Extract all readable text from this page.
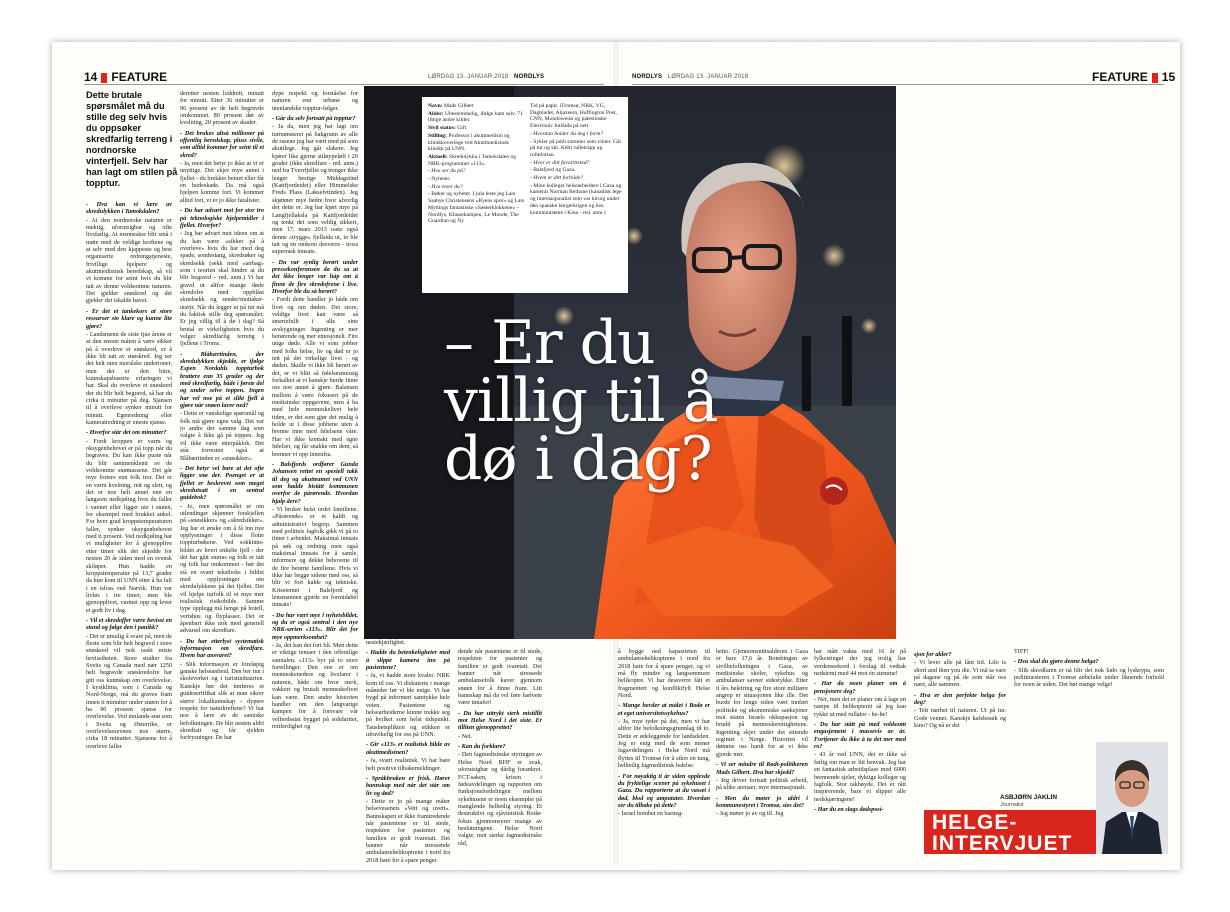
14 FEATURE	LØRDAG 13. JANUAR 2018 NORDLYS
Dette brutale spørsmålet må du stille deg selv hvis du oppsøker skredfarlig terreng i nordnorske vinterfjell. Selv har han lagt om stilen på topptur.

- Hva kan vi lære av skredulykken i Tamokdalen?

- At den nordnorske naturen er mektig, uforutsigbar og ofte livsfarlig. At mennesker blir små i møte med de veldige kreftene og at selv med den kjappeste og best organiserte redningstjeneste, frivillige hjelpere og akuttmedisinsk beredskap, så vil vi komme for seint hvis du blir tatt av denne voldsomme naturen. Det gjelder snøskred og det gjelder det iskalde havet.

- Er det et tankekors at store ressurser sto klare og kunne lite gjøre?

- Landsmenn de siste tjue årene er at den eneste måten å være sikker på å overleve et snøskred, er å ikke bli tatt av snøskred. Jeg ser det helt uten moralske undertoner, men det er den bitre, kunnskapsbaserte erfaringen vi har. Skal du overleve et snøskred der du blir helt begravd, så har du cirka ti minutter på deg. Sjansen til å overleve synker minutt for minutt. Egenredning eller kameratredning er eneste sjanse.

- Hvorfor står det om minutter?

- Fordi kroppen er varm og oksygenbehovet er på topp når du begraves. Du kan ikke puste når du blir sammenklemt av de voldsomme snømassene. Det går mye fortere enn folk tror. Det er en varm kvelning, rett og slett, og det er noe helt annet enn en langsom nedkjøling hvis du faller i vannet eller ligger ute i snøen, for eksempel med brukket ankel. For hver grad kroppstemperaturen faller, synker oksygenbehovet med ti prosent. Ved nedkjøling har vi muligheter for å gjenopplive etter timer slik det skjedde for nesten 20 år siden med en svensk skiløper. Hun hadde en kroppstemperatur på 13,7 grader da hun kom til UNN etter å ha falt i en isfoss ved Narvik. Hun var livløs i tre timer, men ble gjenopplivet, varmet opp og lever et godt liv i dag.

- Vil et skredoffer være bevisst en stund og følge den i panikk?

- Det er umulig å svare på, men de fleste som blir helt begravd i store snøskred vil nok raskt miste bevisstheten. Store studier fra Sveits og Canada med nær 1250 helt begravde snøskredofre har gitt oss kunnskap om overlevelse. I kystklima, som i Canada og Nord-Norge, må du graves fram innen ti minutter under snøen for å ha 90 prosent sjanse for overlevelse. Ved innlands-snø som i Sveits og Østerrike, er overlevelsesevnen noe større, cirka 18 minutter. Sjansene for å overleve faller

deretter nesten loddrett, minutt for minutt. Etter 36 minutter er 96 prosent av de helt begravde omkommet. 80 prosent dør av kvelning, 20 prosent av skader.

- Det brukes altså millioner på offentlig beredskap, pluss sivile, som alltid kommer for seint til et skred?

- Ja, men det betyr jo ikke at vi er unyttige. Det skjer mye annet i fjellet - du brekker beinet eller får en hodeskade. Da må også hjelpen komme fort. Vi kommer alltid fort, vi er jo ikke fatalister.

- Du har advart mot for stor tro på teknologiske hjelpemidler i fjellet. Hvorfor?

- Jeg har advart mot ideen om at du kan være «sikker på å overleve» hvis du har med deg spade, sondestang, skredsøker og skredsekk (sekk med «airbag» som i teorien skal hindre at du blir begravd - red. anm.) Vi har gravd ut altfor mange døde skredofre med oppblåst skredsekk og sender/mottaker-utstyr. Når du legger ut på tur må du faktisk stille deg spørsmålet: Er jeg villig til å dø i dag? Så brutal er virkeligheten hvis du velger skredfarlig terreng i fjellene i Troms.

- Blåbærtinden, der skredulykken skjedde, er ifølge Espen Nordahls toppturbok brattere enn 35 grader og der med skredfarlig, både i første del og under selve toppen. Ingen har vel noe på et slikt fjell å gjøre når snøen laver ned?

- Dette er vanskelige spørsmål og folk må gjøre egne valg. Det var jo andre der samme dag som valgte å ikke gå på toppen. Jeg vil ikke være etterpåklok. Det står forresten også at Blåbærtinden er «snøsikker».

- Det betyr vel bare at det ofte ligger snø der. Poenget er at fjellet er beskrevet som meget skredutsatt i en sentral guidebok?

- Jo, men spørsmålet er om utlendinger skjønner forskjellen på «snøsikker» og «skredsikker». Jeg har et ønske om å få inn nye opplysninger i disse flotte toppturbøkene. Ved sokkinns-bildet av hvert enkelte fjell - der det har gått snøras og folk er tatt og folk har omkommet - bør det stå en svært tekstboks i bildet med opplysninger om skredulykkene på det fjellet. Det vil hjelpe turfolk til et mye mer realistisk risikobilde. Samme type opplegg må henge på hotell, vertshus og flyplasser. Det er åpenbart ikke nok med generell advarsel om skredfare.

- Du har etterlyst systematisk informasjon om skredfare. Hvem har ansvaret?

- Slik informasjon er foreløpig ganske helseanbeid. Den ber inn i skoleverket og i turistindustrien. Kanskje bør det innføres et guidesertifikat slik at man sikrer større lokalkunnskap - dypere respekt for naturkreftene? Vi har noe å lære av de samiske befolkningen. De blir nesten aldri skredtatt og får sjelden forfrysninger. De har

dype respekt og forståelse for naturen enn urbane og utenlandske topptur-følger.

- Går du selv fortsatt på topptur?

- Ja da, men jeg har lagt om turmønsteret på bakgrunn av alle de rasene jeg har vært med på som akuttlege. Jeg går slakere. Jeg kjører like gjerne stiløypeløft i 20 grader (ikke skredfare - red. anm.) ned fra Tverrfjellet og trenger ikke lenger bestige Middagstind (Kattfjordeidet) eller Himmelske Freds Plass (Lakselvtinden). Jeg skjønner mye bedre hvor alvorlig det dette er. Jeg har kjørt mye på Langfjellaksla på Kattfjordeidet og tenkt det som veldig sikkert, men 17. mars 2013 raste også denne «trygge» fjellsida ut, to ble tatt og en omkom desverre - tross superrask innsats.

- Du var synlig berørt under pressekonferansen da du sa at det ikke lenger var håp om å finne de fire skredofrene i live. Hvorfor ble du så berørt?

- Fordi dette handler jo både om livet og om døden. Det store, veldige livet kan være så smertefullt i alle sine avskygninger. Ingenting er mer berørende og mer emosjonelt. Fire unge døde. Alle vi som jobber med folks helse, liv og død er jo tett på det virkelige livet - og døden. Skulle vi ikke bli berørt av det, er vi blitt så følelsesmessig forkalket at vi kanskje burde finne oss noe annet å gjøre. Balansen mellom å være fokusert på de medisinske oppgavene, men å ha med hele menneskelivet hele tiden, er det som gjør det mulig å holde ut i disse jobbene uten å brenne inne med følelsene våre. Har vi ikke kontakt med egne følelser, og får snakke om dem, så brenner vi opp innenfra.

- Balsfjords ordfører Gunda Johansen rettet en spesiell takk til deg og akutteamet ved UNN som hadde bistått kommunen overfor de pårørende. Hvordan hjalp dere?

- Vi bruker helst ordet familiene. «Pårørende» er et kaldt og administrativt begrep. Sammen med politiets fagfolk gikk vi på to timer i arbeidet. Maksimal innsats på søk og redning men også maksimal innsats for å samle, informere og dekke behovene til de fire berørte familiene. Hvis vi ikke har begge sidene med oss, så blir vi fort kalde og tekniske. Krisetemet i Balsfjord og lensmannen gjorde en formidabel innsats!

- Du har vært mye i nyhetsbildet, og du er også sentral i den nye NRK-serien «113». Blir det for mye oppmerksomhet?

- Ja, det kan det fort bli. Men dette er viktige temaer i den offentlige samtalen. «113» byr på to store fortellinger. Den ene er om menneskenedere og livsfarer i naturen, både om hvor sterk, vakkert og brutalt menneskelivet kan være. Den andre historien handler om den langvarige kampen for å forsvare vår velferdsstat bygget på solidaritet, rettferdighet og

NORDLYS LØRDAG 13. JANUAR 2018	FEATURE 15
– Er du villig til å dø i dag?
Navn: Mads Gilbert
Alder: Ubestemmelig, ifølge ham selv. 71 ifølge andre kilder.
Sivil status: Gift
Stilling: Professor i akuttmedisin og klinikkoverlege ved Akuttmedisinsk klinikk på UNN.
Aktuell: Skredulykka i Tamokdalen og NRK-programmet «113».
- Hva ser du på?
- Nyheter.
- Hva leser du?
- Bøker og nyheter. I jula leste jeg Lars Saabye Christensens «Byens spor» og Lars Myttings fantastiske «Søsterklokkene» – Nordlys, Klassekampen, Le Monde, The Guardian og Ny
Tid på papir. iTromsø, NRK, VG, Dagbladet, Aljazeera, Huffington Post, CNN, Mondoweiss og palestinske Electronic Intifada på nett.
- Hvordan holder du deg i form?
- Sykler på jobb sommer som vinter. Går på tur og ski. Aldri rulletrapp og rullefortau.
- Hvor er ditt favorittsted?
- Balsfjord og Gaza.
- Hvem er ditt forbilde?
- Mine kolleger helsearbeidere i Gaza og kamerat Norman Bethune (kanadisk lege og internasjonalist som var kirurg under den spanske borgerkrigen og hos kommunistene i Kina - red. anm.)

nestekjærlighet.

- Hadde du betenkeligheter med å slippe kamera inn på pasientene?

- Ja, vi hadde store kvaler. NRK kom til oss. Vi diskuterte i mange måneder før vi ble enige. Vi har bygd på informert samtykke hele veien. Pasientene og helsearbeiderne kunne trekke seg på hvilket som helst tidspunkt. Taushetsplikten og etikken er ufravikelig for oss på UNN.

- Gir «113» et realistisk bilde av akuttmedisinen?

- Ja, svært realistisk. Vi har bare helt positive tilbakemeldinger.

- Språkbruken er frisk. Hører bannskap med når det står om liv og død?

- Dette er jo på mange måter helsevesenets «Vett og uvett». Bannskapen er ikke framtredende når pasientene er til stede, respekten for pasienter og familien er godt ivaretatt. Det banner når stressende ambulansehelikoptrene i nord fra 2018 bare for å spare penger.

dende når pasientene er til stede, respekten for pasienter og familien er godt ivaretatt. Det banner når stressede ambulansefolk kaver gjennom snøen for å finne fram. Litt bannskap må da vel føre hælvete være innafor!

- Du har uttrykt sterk mistillit mot Helse Nord i det siste. Er tilliten gjenopprettet?

- Nei.

- Kan du forklare?

- Den fagmedisinske styringen av Helse Nord RHF er svak, uforutsigbar og dårlig forankret. FCT-saken, krisen i fødeavdelingen og rapporten om funksjonsfordelingen mellom sykehusene er noen eksempler på manglende helhetlig styring. Et destruktivt og sjåvinistisk Bodø-fokus gjennomsyrer mange av beslutningene. Helse Nord valgte, mot sterke fagmedisinske råd,

å bygge ned kapasiteten til ambulansehelikoptrene i nord fra 2018 bare for å spare penger, og vi må fly mindre og langsommere helikoptre. Vi har dessverre fått et fragmentert og konfliktfylt Helse Nord.

- Mange hevder at målet i Bodø er et eget universitetssykehus?

- Ja, mye tyder på det, men vi har altfor lite befolkningsgrunnlag til to. Dette er ødeleggende for landsdelen. Jeg er enig med de som mener fagavdelingen i Helse Nord må flyttes til Tromsø for å sikre en tung, helhetlig fagmedisinsk ledelse.

- For nøyaktig ti år siden opplevde du fryktelige scener på sykehuset i Gaza. Du rapporterte at du vasset i død, blod og amputater. Hvordan ser du tilbake på dette?

- Israel bombet en barneg-

hetto. Gjennomsnittsalderen i Gaza er bare 17,6 år. Bombingen av sivilbefolkningen i Gaza, av medisinske skoler, sykehus og ambulanser savner sidestykke. Etter ti års beleiring og fire store militære angrep er situasjonen like ille. Det burde for lenge siden vært innført politiske og økonomiske sanksjoner mot staten Israels okkupasjon og brudd på menneskerettighetene. Ingenting skjer under det sittende regimet i Norge. Historien vil dømme oss hardt for at vi ikke gjorde mer.

- Vi ser mindre til Rødt-politikeren Mads Gilbert. Hva har skjedd?

- Jeg driver fortsatt politisk arbeid, på ulike arenaer, mye internasjonalt.

- Men du møter jo aldri i kommunestyret i Tromsø, sies det?

- Jeg møter jo av og til. Jeg

har stått vakta med 16 år på fylkestinget der jeg trolig har verdensrekord i forslag til vedtak nedstemt med 44 mot én stemme!

- Har du noen planer om å pensjonere deg?

- Nei, men det er planer om å lage en rampe til helikopteret så jeg kan rykke ut med rullator - he-he!

- Du har stått på med voldsomt engasjement i massevis av år. Fortjener du ikke å ta det mer med ro?

- 43 år ved UNN, det er ikke så farlig om man er litt benvak. Jeg har en fantastisk arbeidsplass med 6000 brennende sjeler, dyktige kolleger og fagfolk. Stor takhøyde. Det er rått inspirerende, bare vi slipper alle nedskjæringene!

- Har du en slags dødsposi-

sjon for alder?

- Vi lever alle på lånt tid. Life is short and then you die. Vi må ta vare på dagene og på de som står oss nært, alle sammen.

- Hva er den perfekte helga for deg?

- Tett nærhet til naturen. Ut på tur. Gode venner. Kanskje kafebesøk og kino? Og nå er det

TIFF!

- Hva skal du gjøre denne helga?

- Slik skredfaren er nå blir det nok ludo og lyskeypa, som politimesteren i Tromsø anbefalte under liknende forhold for noen år siden. Det bør mange velge!

ASBJØRN JAKLIN
Journalist
HELGE-
INTERVJUET
